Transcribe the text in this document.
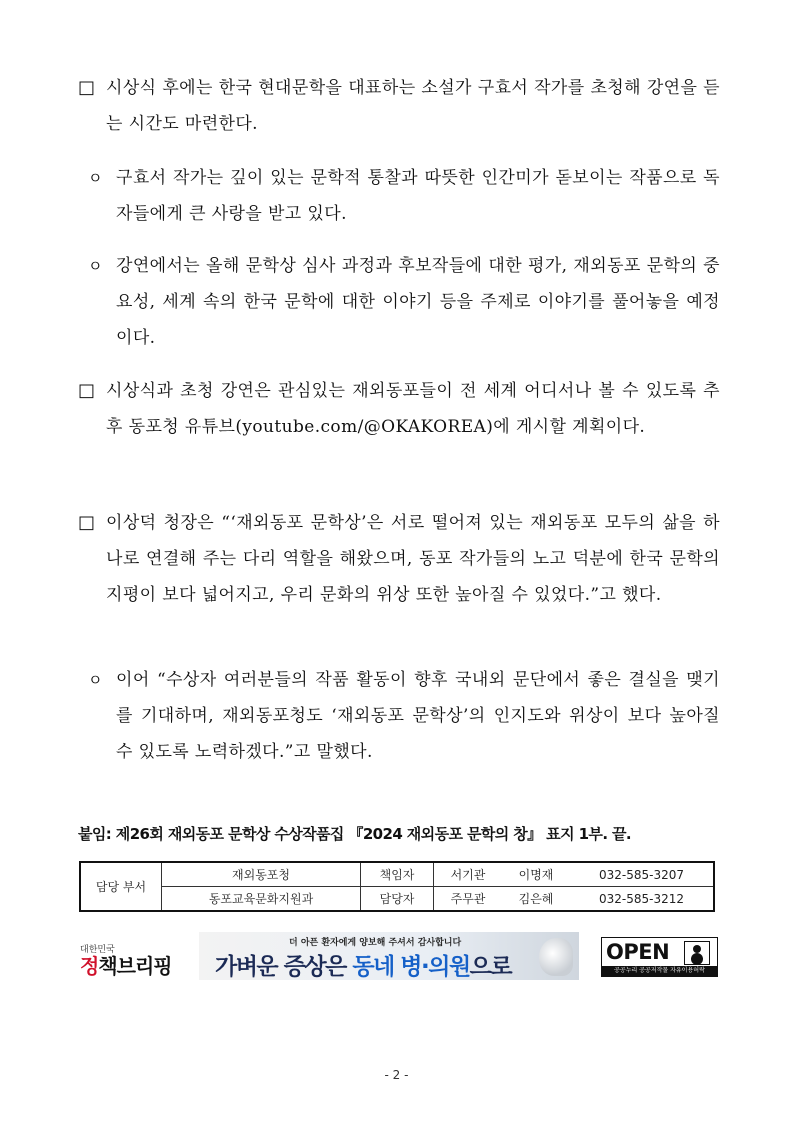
□ 시상식 후에는 한국 현대문학을 대표하는 소설가 구효서 작가를 초청해 강연을 듣는 시간도 마련한다.
ㅇ 구효서 작가는 깊이 있는 문학적 통찰과 따뜻한 인간미가 돋보이는 작품으로 독자들에게 큰 사랑을 받고 있다.
ㅇ 강연에서는 올해 문학상 심사 과정과 후보작들에 대한 평가, 재외동포 문학의 중요성, 세계 속의 한국 문학에 대한 이야기 등을 주제로 이야기를 풀어놓을 예정이다.
□ 시상식과 초청 강연은 관심있는 재외동포들이 전 세계 어디서나 볼 수 있도록 추후 동포청 유튜브(youtube.com/@OKAKOREA)에 게시할 계획이다.
□ 이상덕 청장은 “‘재외동포 문학상’은 서로 떨어져 있는 재외동포 모두의 삶을 하나로 연결해 주는 다리 역할을 해왔으며, 동포 작가들의 노고 덕분에 한국 문학의 지평이 보다 넓어지고, 우리 문화의 위상 또한 높아질 수 있었다.”고 했다.
ㅇ 이어 “수상자 여러분들의 작품 활동이 향후 국내외 문단에서 좋은 결실을 맺기를 기대하며, 재외동포청도 ‘재외동포 문학상’의 인지도와 위상이 보다 높아질 수 있도록 노력하겠다.”고 말했다.
붙임: 제26회 재외동포 문학상 수상작품집 『2024 재외동포 문학의 창』 표지 1부. 끝.
담당 부서	재외동포청	책임자	서기관	이명재	032-585-3207
	동포교육문화지원과	담당자	주무관	김은혜	032-585-3212
대한민국
정책브리핑
더 아픈 환자에게 양보해 주셔서 감사합니다
가벼운 증상은 동네 병·의원으로
OPEN
공공누리 공공저작물 자유이용허락
- 2 -
